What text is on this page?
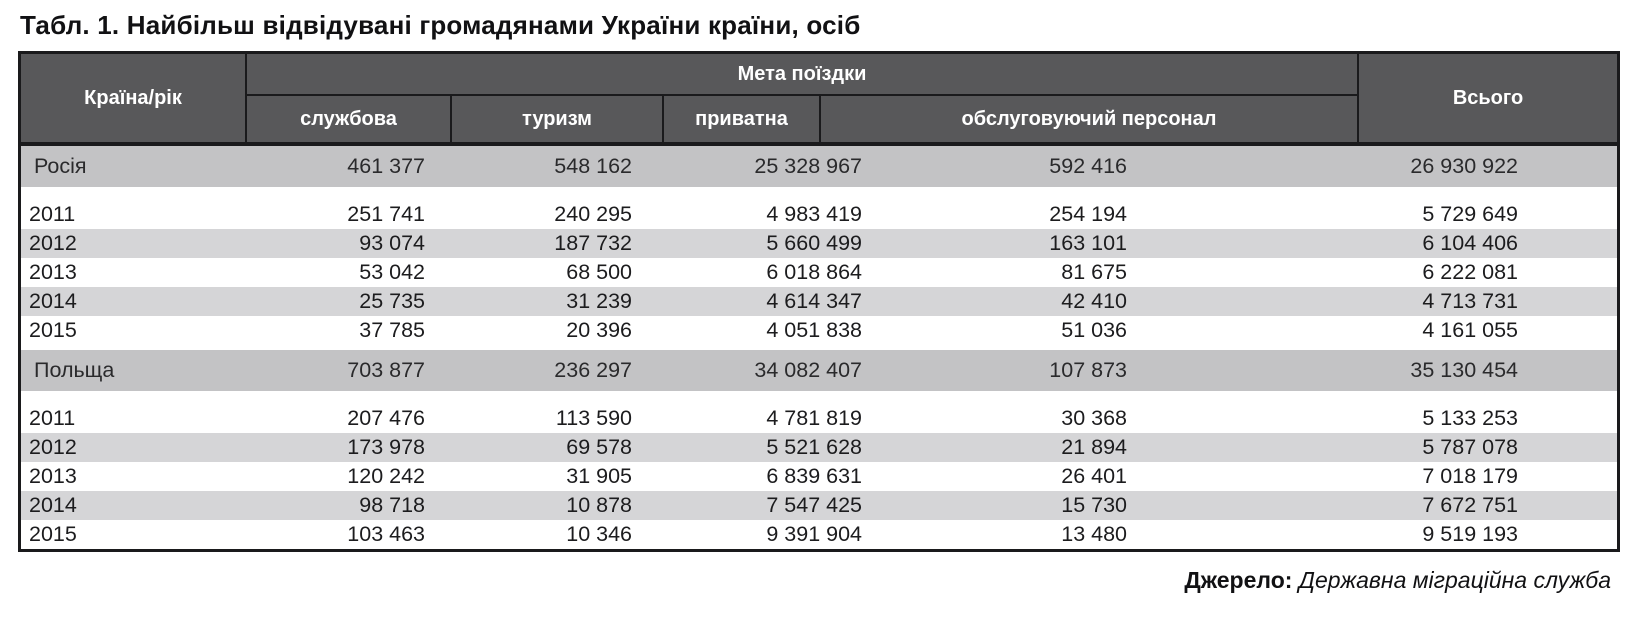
Табл. 1. Найбільш відвідувані громадянами України країни, осіб
Країна/рік
Мета поїздки
Всього
службова	туризм	приватна	обслуговуючий персонал
Росія	461 377	548 162	25 328 967	592 416	26 930 922
2011	251 741	240 295	4 983 419	254 194	5 729 649
2012	93 074	187 732	5 660 499	163 101	6 104 406
2013	53 042	68 500	6 018 864	81 675	6 222 081
2014	25 735	31 239	4 614 347	42 410	4 713 731
2015	37 785	20 396	4 051 838	51 036	4 161 055
Польща	703 877	236 297	34 082 407	107 873	35 130 454
2011	207 476	113 590	4 781 819	30 368	5 133 253
2012	173 978	69 578	5 521 628	21 894	5 787 078
2013	120 242	31 905	6 839 631	26 401	7 018 179
2014	98 718	10 878	7 547 425	15 730	7 672 751
2015	103 463	10 346	9 391 904	13 480	9 519 193
Джерело: Державна міграційна служба
